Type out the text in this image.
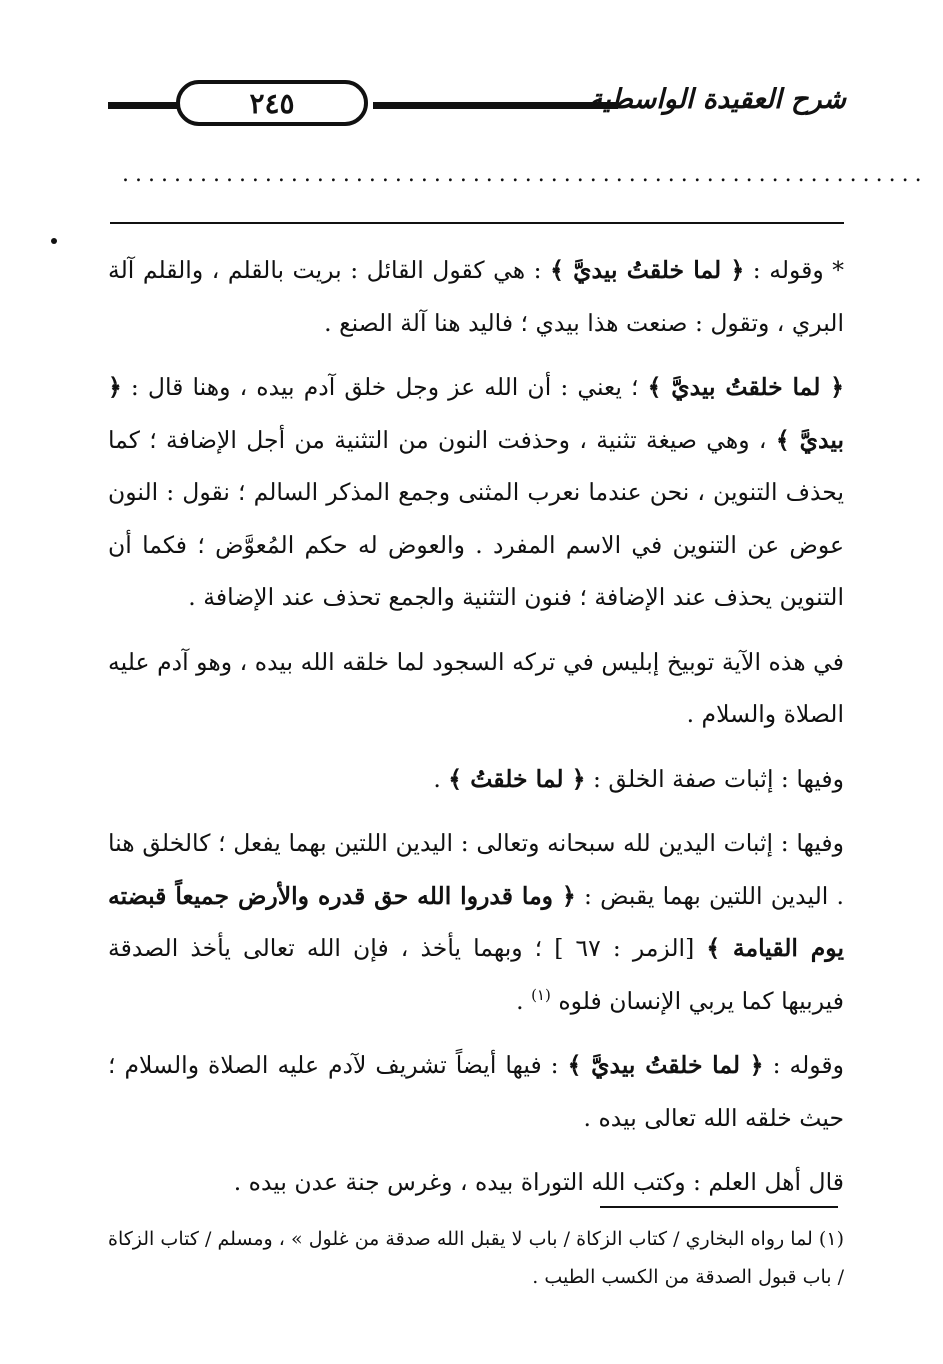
٢٤٥	شرح العقيدة الواسطية
..............................................................

* وقوله : ﴿ لما خلقتُ بيديَّ ﴾ : هي كقول القائل : بريت بالقلم ، والقلم آلة البري ، وتقول : صنعت هذا بيدي ؛ فاليد هنا آلة الصنع .

﴿ لما خلقتُ بيديَّ ﴾ ؛ يعني : أن الله عز وجل خلق آدم بيده ، وهنا قال : ﴿ بيديَّ ﴾ ، وهي صيغة تثنية ، وحذفت النون من التثنية من أجل الإضافة ؛ كما يحذف التنوين ، نحن عندما نعرب المثنى وجمع المذكر السالم ؛ نقول : النون عوض عن التنوين في الاسم المفرد . والعوض له حكم المُعوَّض ؛ فكما أن التنوين يحذف عند الإضافة ؛ فنون التثنية والجمع تحذف عند الإضافة .

في هذه الآية توبيخ إبليس في تركه السجود لما خلقه الله بيده ، وهو آدم عليه الصلاة والسلام .

وفيها : إثبات صفة الخلق : ﴿ لما خلقتُ ﴾ .

وفيها : إثبات اليدين لله سبحانه وتعالى : اليدين اللتين بهما يفعل ؛ كالخلق هنا . اليدين اللتين بهما يقبض : ﴿ وما قدروا الله حق قدره والأرض جميعاً قبضته يوم القيامة ﴾ [الزمر : ٦٧ ] ؛ وبهما يأخذ ، فإن الله تعالى يأخذ الصدقة فيربيها كما يربي الإنسان فلوه $^{(١)}$ .

وقوله : ﴿ لما خلقتُ بيديَّ ﴾ : فيها أيضاً تشريف لآدم عليه الصلاة والسلام ؛ حيث خلقه الله تعالى بيده .

قال أهل العلم : وكتب الله التوراة بيده ، وغرس جنة عدن بيده .

(١) لما رواه البخاري / كتاب الزكاة / باب لا يقبل الله صدقة من غلول » ، ومسلم / كتاب الزكاة / باب قبول الصدقة من الكسب الطيب .
